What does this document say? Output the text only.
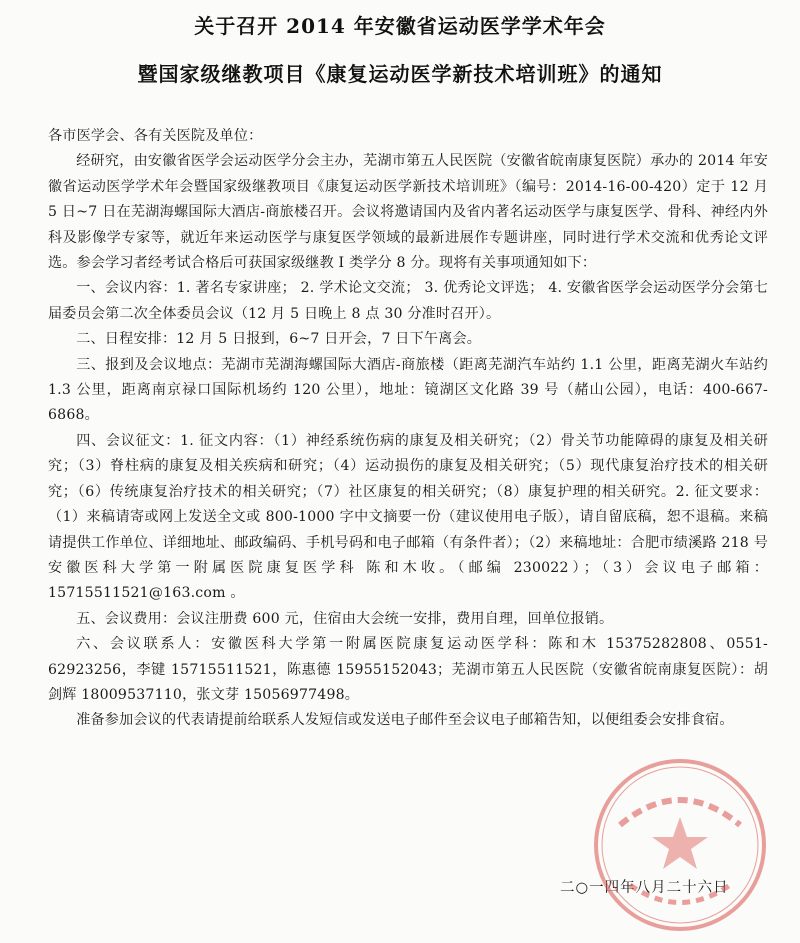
关于召开 2014 年安徽省运动医学学术年会
暨国家级继教项目《康复运动医学新技术培训班》的通知

各市医学会、各有关医院及单位：

经研究，由安徽省医学会运动医学分会主办，芜湖市第五人民医院（安徽省皖南康复医院）承办的 2014 年安徽省运动医学学术年会暨国家级继教项目《康复运动医学新技术培训班》（编号：2014-16-00-420）定于 12 月 5 日~7 日在芜湖海螺国际大酒店-商旅楼召开。会议将邀请国内及省内著名运动医学与康复医学、骨科、神经内外科及影像学专家等，就近年来运动医学与康复医学领域的最新进展作专题讲座，同时进行学术交流和优秀论文评选。参会学习者经考试合格后可获国家级继教 I 类学分 8 分。现将有关事项通知如下：

一、会议内容：1. 著名专家讲座； 2. 学术论文交流； 3. 优秀论文评选； 4. 安徽省医学会运动医学分会第七届委员会第二次全体委员会议（12 月 5 日晚上 8 点 30 分准时召开）。

二、日程安排：12 月 5 日报到，6~7 日开会，7 日下午离会。

三、报到及会议地点：芜湖市芜湖海螺国际大酒店-商旅楼（距离芜湖汽车站约 1.1 公里，距离芜湖火车站约 1.3 公里，距离南京禄口国际机场约 120 公里），地址：镜湖区文化路 39 号（赭山公园），电话：400-667-6868。

四、会议征文：1. 征文内容：（1）神经系统伤病的康复及相关研究；（2）骨关节功能障碍的康复及相关研究；（3）脊柱病的康复及相关疾病和研究；（4）运动损伤的康复及相关研究；（5）现代康复治疗技术的相关研究；（6）传统康复治疗技术的相关研究；（7）社区康复的相关研究；（8）康复护理的相关研究。2. 征文要求：（1）来稿请寄或网上发送全文或 800-1000 字中文摘要一份（建议使用电子版），请自留底稿，恕不退稿。来稿请提供工作单位、详细地址、邮政编码、手机号码和电子邮箱（有条件者）；（2）来稿地址：合肥市绩溪路 218 号安徽医科大学第一附属医院康复医学科 陈和木收。（邮编 230022）；（3）会议电子邮箱：15715511521@163.com 。

五、会议费用：会议注册费 600 元，住宿由大会统一安排，费用自理，回单位报销。

六、会议联系人：安徽医科大学第一附属医院康复运动医学科：陈和木 15375282808、0551-62923256，李键 15715511521，陈惠德 15955152043；芜湖市第五人民医院（安徽省皖南康复医院）：胡剑辉 18009537110，张文芽 15056977498。

准备参加会议的代表请提前给联系人发短信或发送电子邮件至会议电子邮箱告知，以便组委会安排食宿。

二○一四年八月二十六日
